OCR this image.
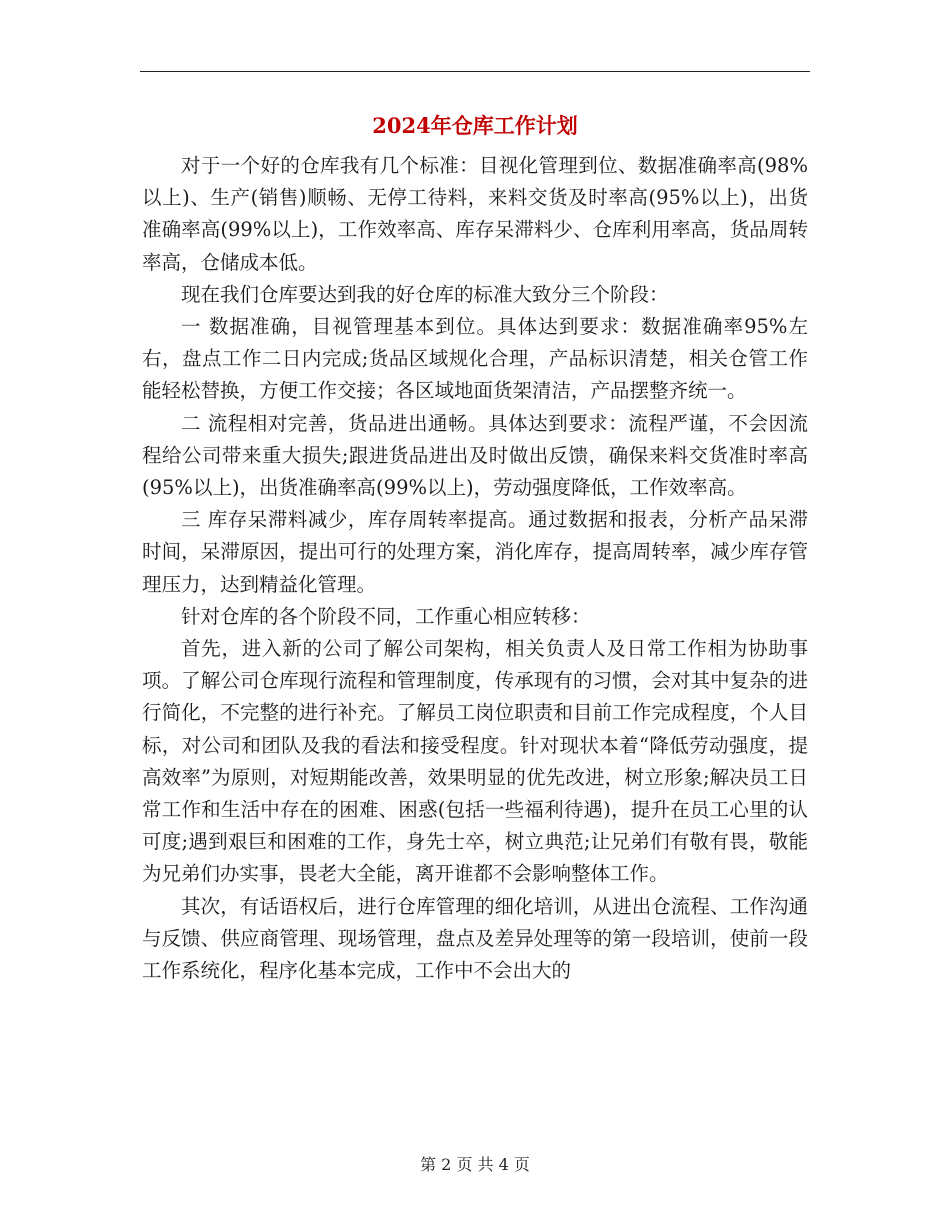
2024年仓库工作计划

对于一个好的仓库我有几个标准：目视化管理到位、数据准确率高(98%以上)、生产(销售)顺畅、无停工待料，来料交货及时率高(95%以上)，出货准确率高(99%以上)，工作效率高、库存呆滞料少、仓库利用率高，货品周转率高，仓储成本低。

现在我们仓库要达到我的好仓库的标准大致分三个阶段：

一 数据准确，目视管理基本到位。具体达到要求：数据准确率95%左右，盘点工作二日内完成;货品区域规化合理，产品标识清楚，相关仓管工作能轻松替换，方便工作交接；各区域地面货架清洁，产品摆整齐统一。

二 流程相对完善，货品进出通畅。具体达到要求：流程严谨，不会因流程给公司带来重大损失;跟进货品进出及时做出反馈，确保来料交货准时率高(95%以上)，出货准确率高(99%以上)，劳动强度降低，工作效率高。

三 库存呆滞料减少，库存周转率提高。通过数据和报表，分析产品呆滞时间，呆滞原因，提出可行的处理方案，消化库存，提高周转率，减少库存管理压力，达到精益化管理。

针对仓库的各个阶段不同，工作重心相应转移：

首先，进入新的公司了解公司架构，相关负责人及日常工作相为协助事项。了解公司仓库现行流程和管理制度，传承现有的习惯，会对其中复杂的进行简化，不完整的进行补充。了解员工岗位职责和目前工作完成程度，个人目标，对公司和团队及我的看法和接受程度。针对现状本着“降低劳动强度，提高效率”为原则，对短期能改善，效果明显的优先改进，树立形象;解决员工日常工作和生活中存在的困难、困惑(包括一些福利待遇)，提升在员工心里的认可度;遇到艰巨和困难的工作，身先士卒，树立典范;让兄弟们有敬有畏，敬能为兄弟们办实事，畏老大全能，离开谁都不会影响整体工作。

其次，有话语权后，进行仓库管理的细化培训，从进出仓流程、工作沟通与反馈、供应商管理、现场管理，盘点及差异处理等的第一段培训，使前一段工作系统化，程序化基本完成，工作中不会出大的

第 2 页 共 4 页
